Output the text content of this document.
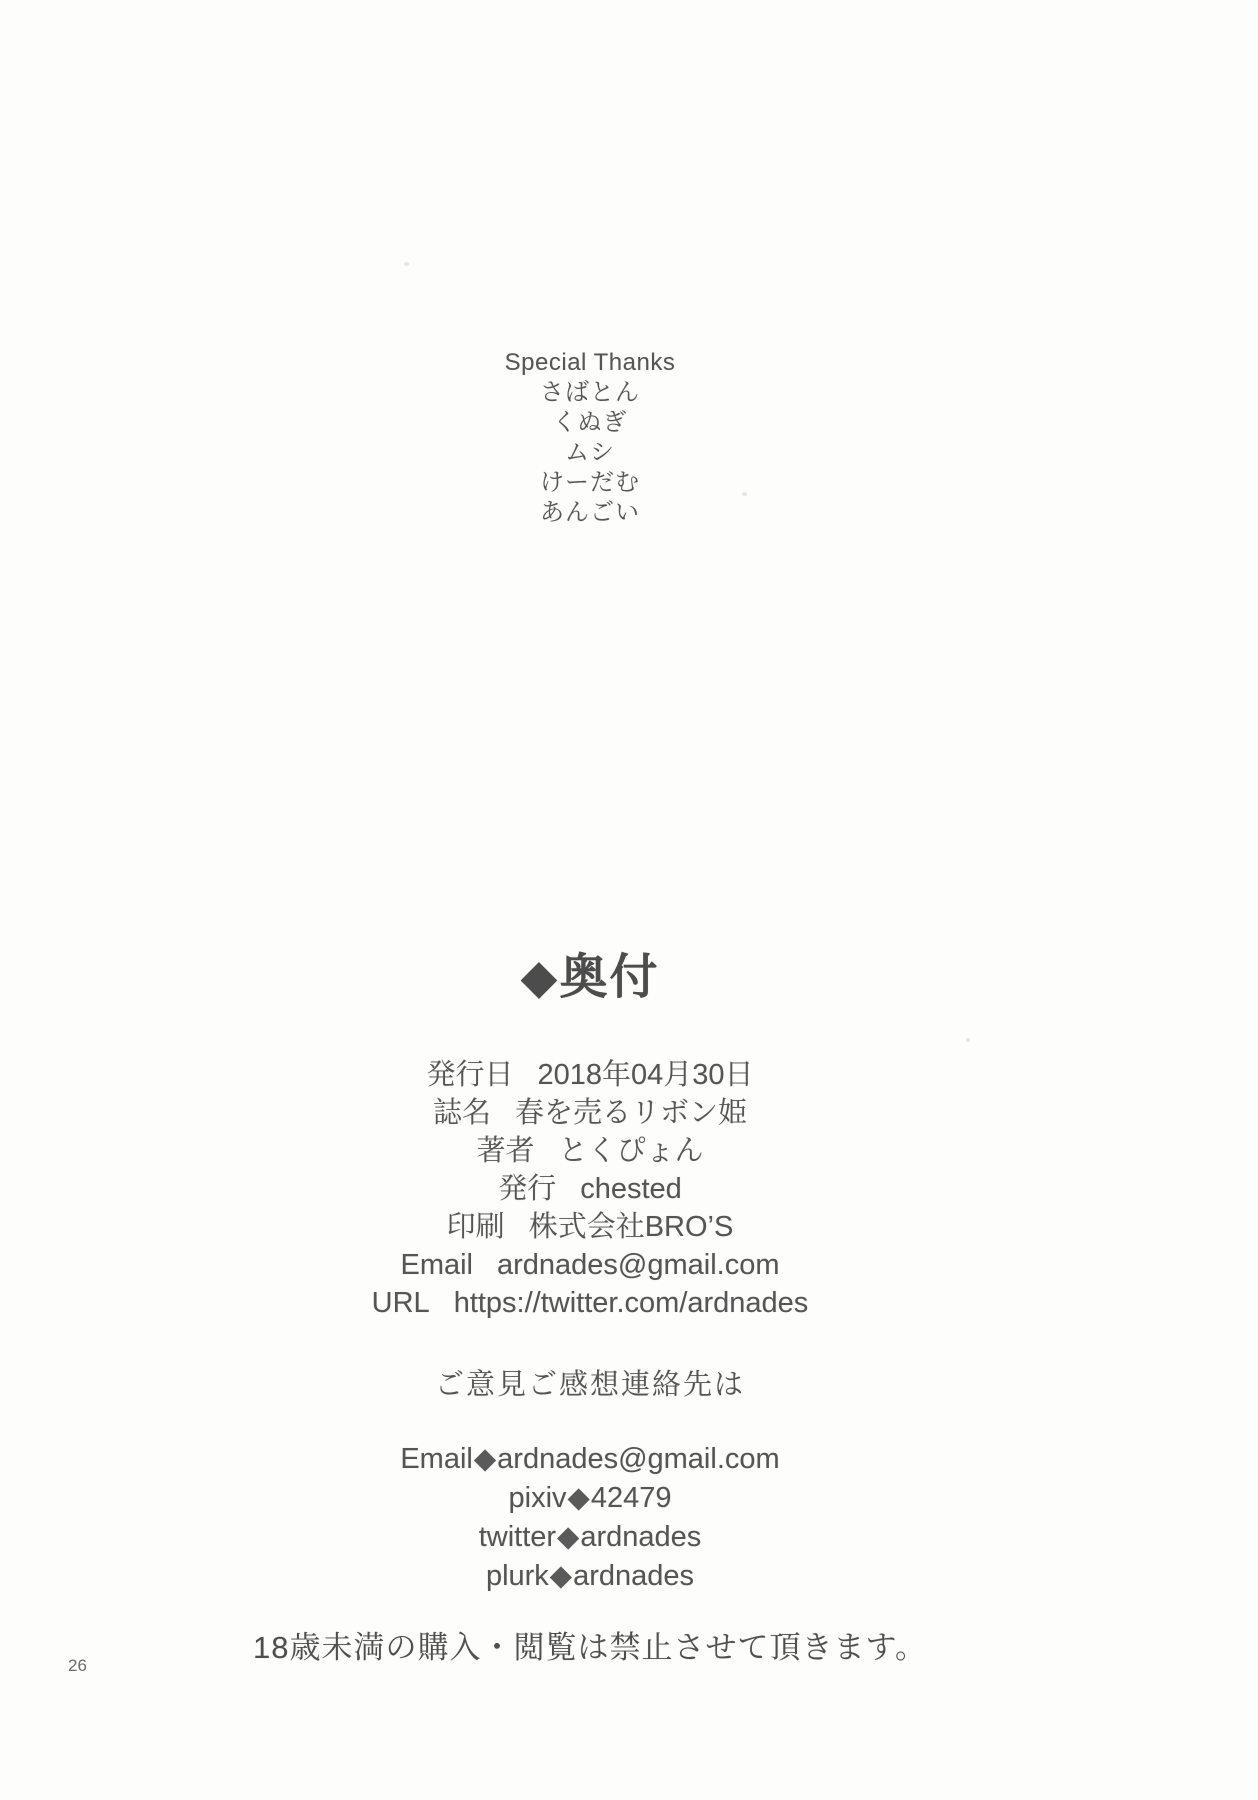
Special Thanks
さばとん
くぬぎ
ムシ
けーだむ
あんごい
◆奥付
発行日 2018年04月30日
誌名 春を売るリボン姫
著者 とくぴょん
発行 chested
印刷 株式会社BRO’S
Email ardnades@gmail.com
URL https://twitter.com/ardnades
ご意見ご感想連絡先は
Email◆ardnades@gmail.com
pixiv◆42479
twitter◆ardnades
plurk◆ardnades
18歳未満の購入・閲覧は禁止させて頂きます。
26
